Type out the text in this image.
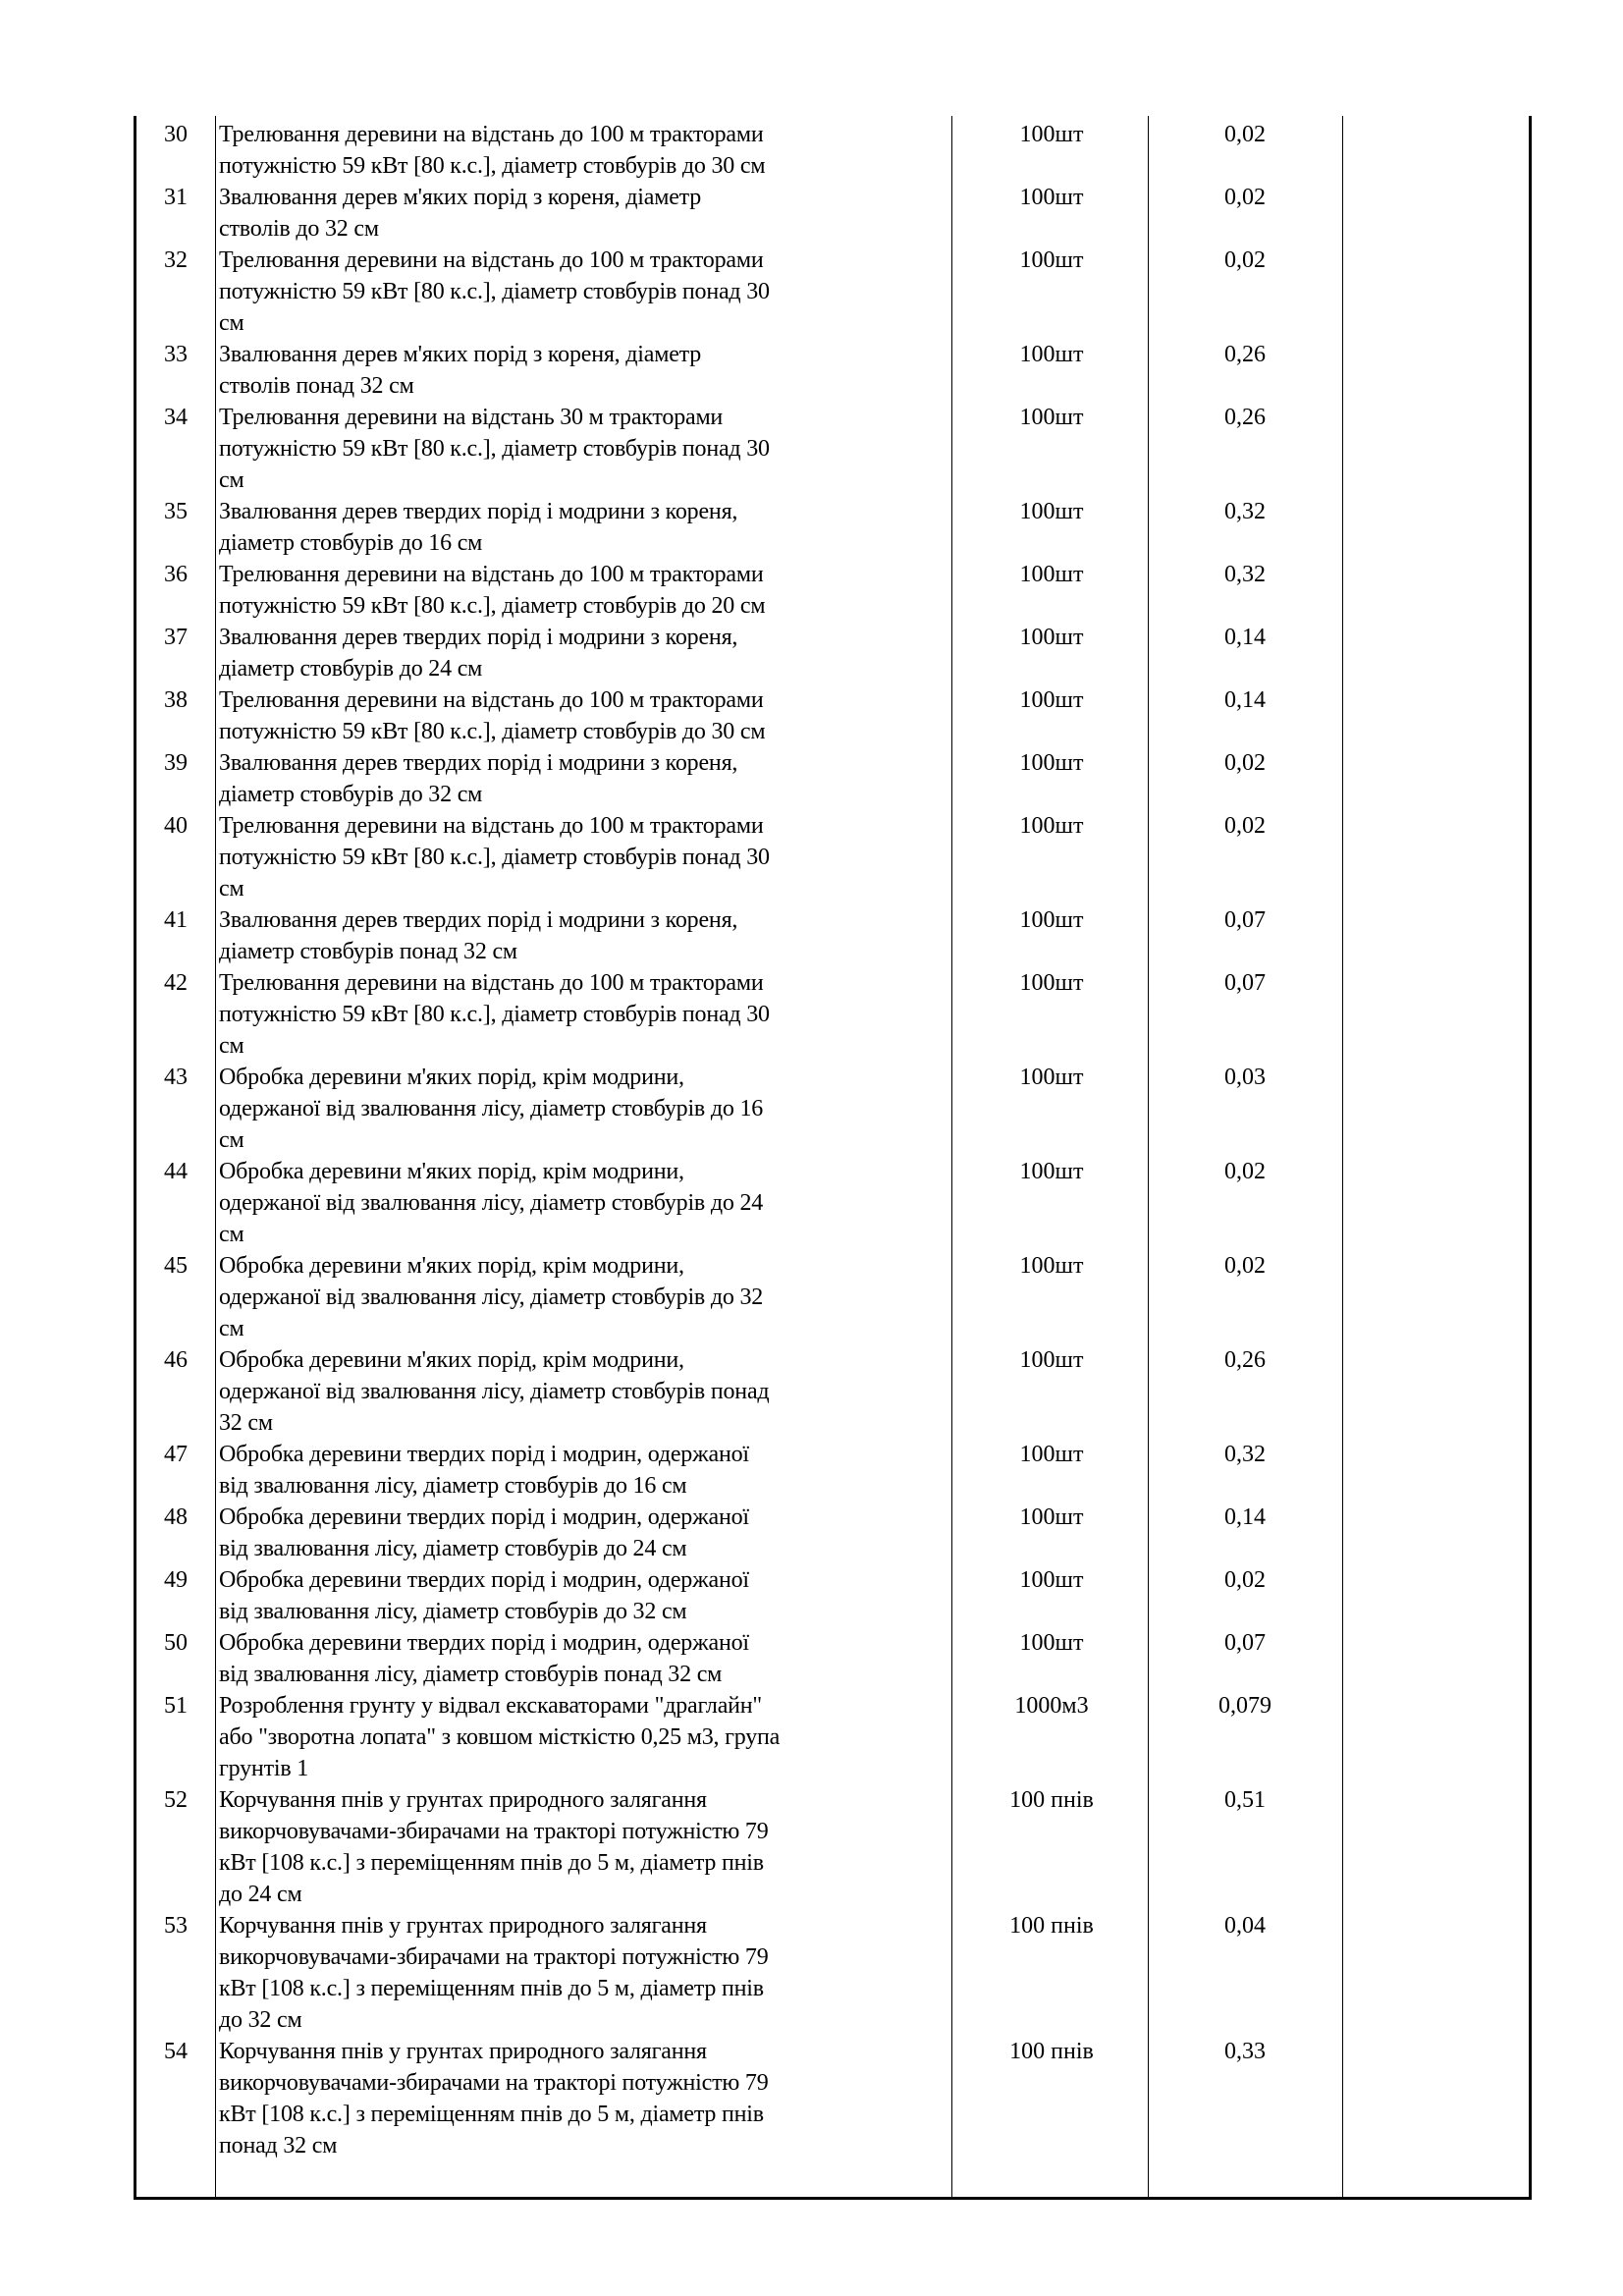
30	Трелювання деревини на відстань до 100 м тракторами
потужністю 59 кВт [80 к.с.], діаметр стовбурів до 30 см
100шт	0,02
31	Звалювання дерев м'яких порід з кореня, діаметр
стволів до 32 см
100шт	0,02
32	Трелювання деревини на відстань до 100 м тракторами
потужністю 59 кВт [80 к.с.], діаметр стовбурів понад 30
см
100шт	0,02
33	Звалювання дерев м'яких порід з кореня, діаметр
стволів понад 32 см
100шт	0,26
34	Трелювання деревини на відстань 30 м тракторами
потужністю 59 кВт [80 к.с.], діаметр стовбурів понад 30
см
100шт	0,26
35	Звалювання дерев твердих порід і модрини з кореня,
діаметр стовбурів до 16 см
100шт	0,32
36	Трелювання деревини на відстань до 100 м тракторами
потужністю 59 кВт [80 к.с.], діаметр стовбурів до 20 см
100шт	0,32
37	Звалювання дерев твердих порід і модрини з кореня,
діаметр стовбурів до 24 см
100шт	0,14
38	Трелювання деревини на відстань до 100 м тракторами
потужністю 59 кВт [80 к.с.], діаметр стовбурів до 30 см
100шт	0,14
39	Звалювання дерев твердих порід і модрини з кореня,
діаметр стовбурів до 32 см
100шт	0,02
40	Трелювання деревини на відстань до 100 м тракторами
потужністю 59 кВт [80 к.с.], діаметр стовбурів понад 30
см
100шт	0,02
41	Звалювання дерев твердих порід і модрини з кореня,
діаметр стовбурів понад 32 см
100шт	0,07
42	Трелювання деревини на відстань до 100 м тракторами
потужністю 59 кВт [80 к.с.], діаметр стовбурів понад 30
см
100шт	0,07
43	Обробка деревини м'яких порід, крім модрини,
одержаної від звалювання лісу, діаметр стовбурів до 16
см
100шт	0,03
44	Обробка деревини м'яких порід, крім модрини,
одержаної від звалювання лісу, діаметр стовбурів до 24
см
100шт	0,02
45	Обробка деревини м'яких порід, крім модрини,
одержаної від звалювання лісу, діаметр стовбурів до 32
см
100шт	0,02
46	Обробка деревини м'яких порід, крім модрини,
одержаної від звалювання лісу, діаметр стовбурів понад
32 см
100шт	0,26
47	Обробка деревини твердих порід і модрин, одержаної
від звалювання лісу, діаметр стовбурів до 16 см
100шт	0,32
48	Обробка деревини твердих порід і модрин, одержаної
від звалювання лісу, діаметр стовбурів до 24 см
100шт	0,14
49	Обробка деревини твердих порід і модрин, одержаної
від звалювання лісу, діаметр стовбурів до 32 см
100шт	0,02
50	Обробка деревини твердих порід і модрин, одержаної
від звалювання лісу, діаметр стовбурів понад 32 см
100шт	0,07
51	Розроблення грунту у відвал екскаваторами "драглайн"
або "зворотна лопата" з ковшом місткістю 0,25 м3, група
грунтів 1
1000м3	0,079
52	Корчування пнів у грунтах природного залягання
викорчовувачами-збирачами на тракторі потужністю 79
кВт [108 к.с.] з переміщенням пнів до 5 м, діаметр пнів
до 24 см
100 пнів	0,51
53	Корчування пнів у грунтах природного залягання
викорчовувачами-збирачами на тракторі потужністю 79
кВт [108 к.с.] з переміщенням пнів до 5 м, діаметр пнів
до 32 см
100 пнів	0,04
54	Корчування пнів у грунтах природного залягання
викорчовувачами-збирачами на тракторі потужністю 79
кВт [108 к.с.] з переміщенням пнів до 5 м, діаметр пнів
понад 32 см
100 пнів	0,33
